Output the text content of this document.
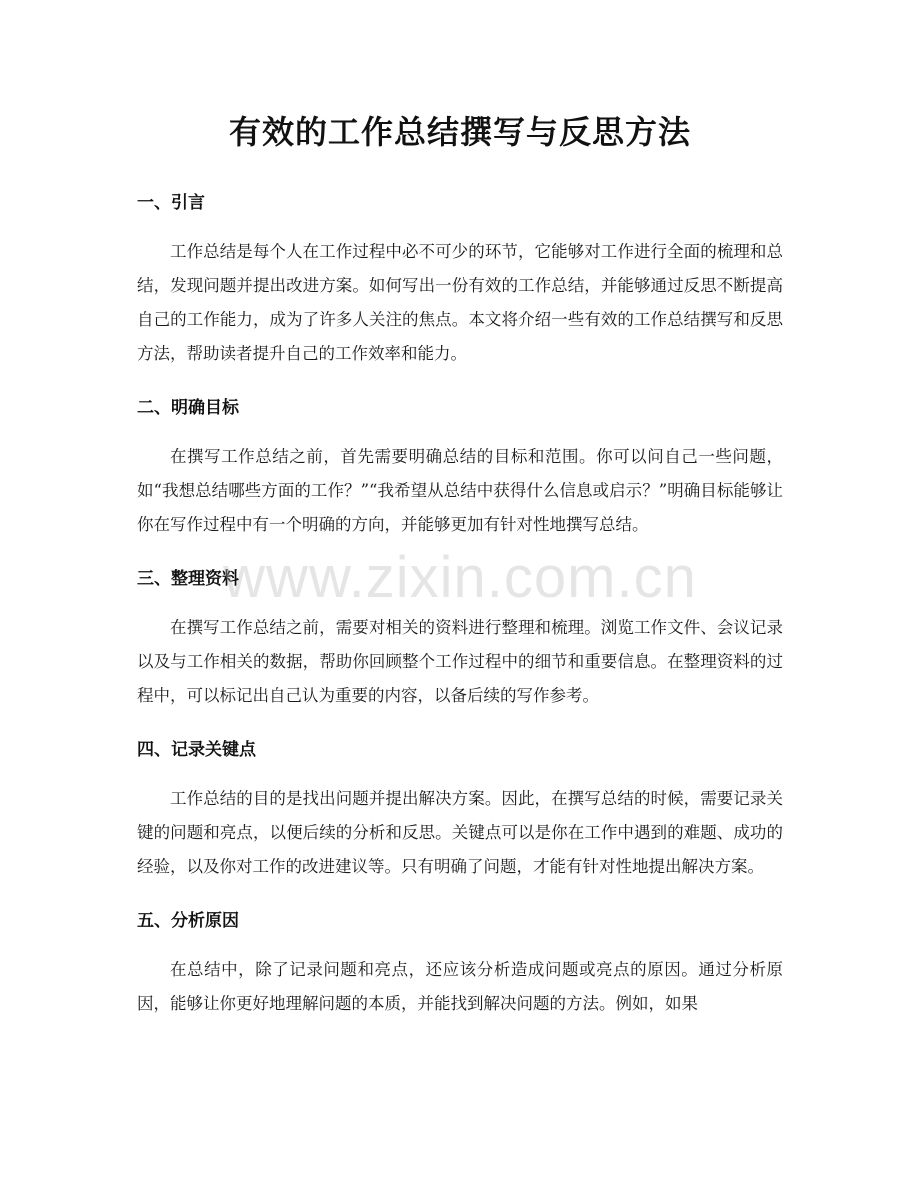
有效的工作总结撰写与反思方法
一、引言

工作总结是每个人在工作过程中必不可少的环节，它能够对工作进行全面的梳理和总结，发现问题并提出改进方案。如何写出一份有效的工作总结，并能够通过反思不断提高自己的工作能力，成为了许多人关注的焦点。本文将介绍一些有效的工作总结撰写和反思方法，帮助读者提升自己的工作效率和能力。

二、明确目标

在撰写工作总结之前，首先需要明确总结的目标和范围。你可以问自己一些问题，如“我想总结哪些方面的工作？”“我希望从总结中获得什么信息或启示？”明确目标能够让你在写作过程中有一个明确的方向，并能够更加有针对性地撰写总结。

三、整理资料

在撰写工作总结之前，需要对相关的资料进行整理和梳理。浏览工作文件、会议记录以及与工作相关的数据，帮助你回顾整个工作过程中的细节和重要信息。在整理资料的过程中，可以标记出自己认为重要的内容，以备后续的写作参考。

四、记录关键点

工作总结的目的是找出问题并提出解决方案。因此，在撰写总结的时候，需要记录关键的问题和亮点，以便后续的分析和反思。关键点可以是你在工作中遇到的难题、成功的经验，以及你对工作的改进建议等。只有明确了问题，才能有针对性地提出解决方案。

五、分析原因

在总结中，除了记录问题和亮点，还应该分析造成问题或亮点的原因。通过分析原因，能够让你更好地理解问题的本质，并能找到解决问题的方法。例如，如果

www.zixin.com.cn
